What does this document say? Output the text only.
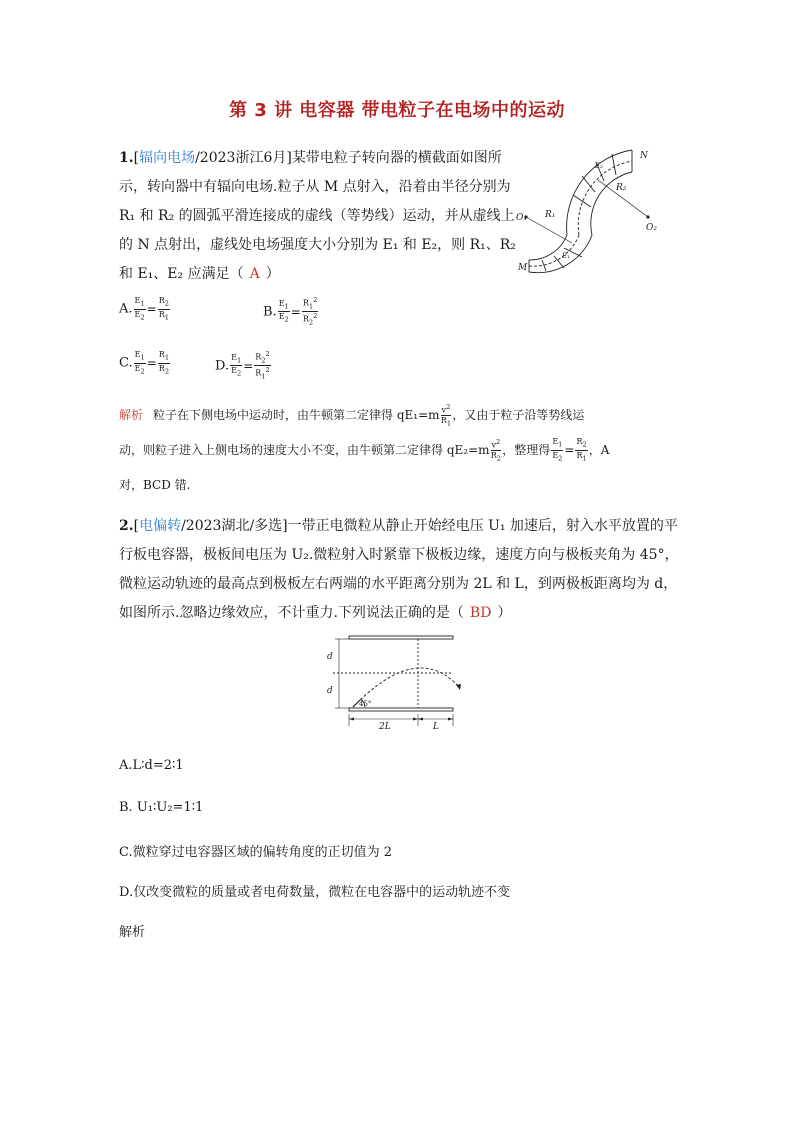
第 3 讲 电容器 带电粒子在电场中的运动
1.[辐向电场/2023浙江6月]某带电粒子转向器的横截面如图所
示，转向器中有辐向电场.粒子从 M 点射入，沿着由半径分别为
R₁ 和 R₂ 的圆弧平滑连接成的虚线（等势线）运动，并从虚线上
的 N 点射出，虚线处电场强度大小分别为 E₁ 和 E₂，则 R₁、R₂
和 E₁、E₂ 应满足（ A ）
N
M
O₁
O₂
R₁
R₂
E₂
E₁
A. $\frac{E_1}{E_2} = \frac{R_2}{R_1}$	B. $\frac{E_1}{E_2} = \frac{R_1^2}{R_2^2}$
C. $\frac{E_1}{E_2} = \frac{R_1}{R_2}$	D. $\frac{E_1}{E_2} = \frac{R_2^2}{R_1^2}$
解析 粒子在下侧电场中运动时，由牛顿第二定律得 $qE_1=m \frac{v^2}{R_1}$ ，又由于粒子沿等势线运
动，则粒子进入上侧电场的速度大小不变，由牛顿第二定律得 $qE_2=m \frac{v^2}{R_2}$ ，整理得 $\frac{E_1}{E_2} = \frac{R_2}{R_1}$ ，A
对，BCD 错.
2.[电偏转/2023湖北/多选]一带正电微粒从静止开始经电压 U₁ 加速后，射入水平放置的平
行板电容器，极板间电压为 U₂.微粒射入时紧靠下极板边缘，速度方向与极板夹角为 45°，
微粒运动轨迹的最高点到极板左右两端的水平距离分别为 2L 和 L，到两极板距离均为 d，
如图所示.忽略边缘效应，不计重力.下列说法正确的是（ BD ）
d
d
45°
2L	L
A.L∶d=2∶1
B. U₁∶U₂=1∶1
C.微粒穿过电容器区域的偏转角度的正切值为 2
D.仅改变微粒的质量或者电荷数量，微粒在电容器中的运动轨迹不变
解析
